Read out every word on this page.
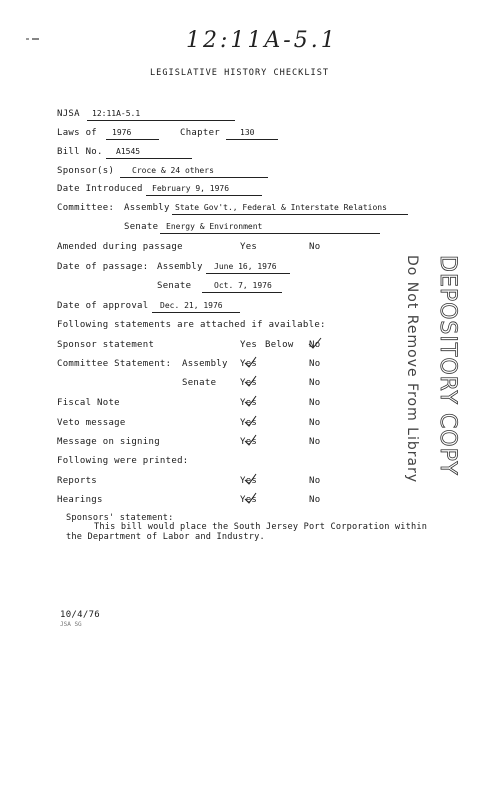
12:11A-5.1
LEGISLATIVE HISTORY CHECKLIST
NJSA 12:11A-5.1
Laws of 1976	Chapter 130
Bill No. A1545
Sponsor(s) Croce & 24 others
Date Introduced February 9, 1976
Committee: Assembly State Gov't., Federal & Interstate Relations
Senate Energy & Environment
Amended during passage	Yes	No
Date of passage: Assembly June 16, 1976
Senate	Oct. 7, 1976
Date of approval Dec. 21, 1976
Following statements are attached if available:
Sponsor statement	Yes Below No
Committee Statement: Assembly Yes	No
Senate	Yes	No
Fiscal Note	Yes	No
Veto message	Yes	No
Message on signing	Yes	No
Following were printed:
Reports	Yes	No
Hearings	Yes	No
Sponsors' statement:
This bill would place the South Jersey Port Corporation within
the Department of Labor and Industry.
10/4/76
JSA SG
DEPOSITORY COPY
Do Not Remove From Library
